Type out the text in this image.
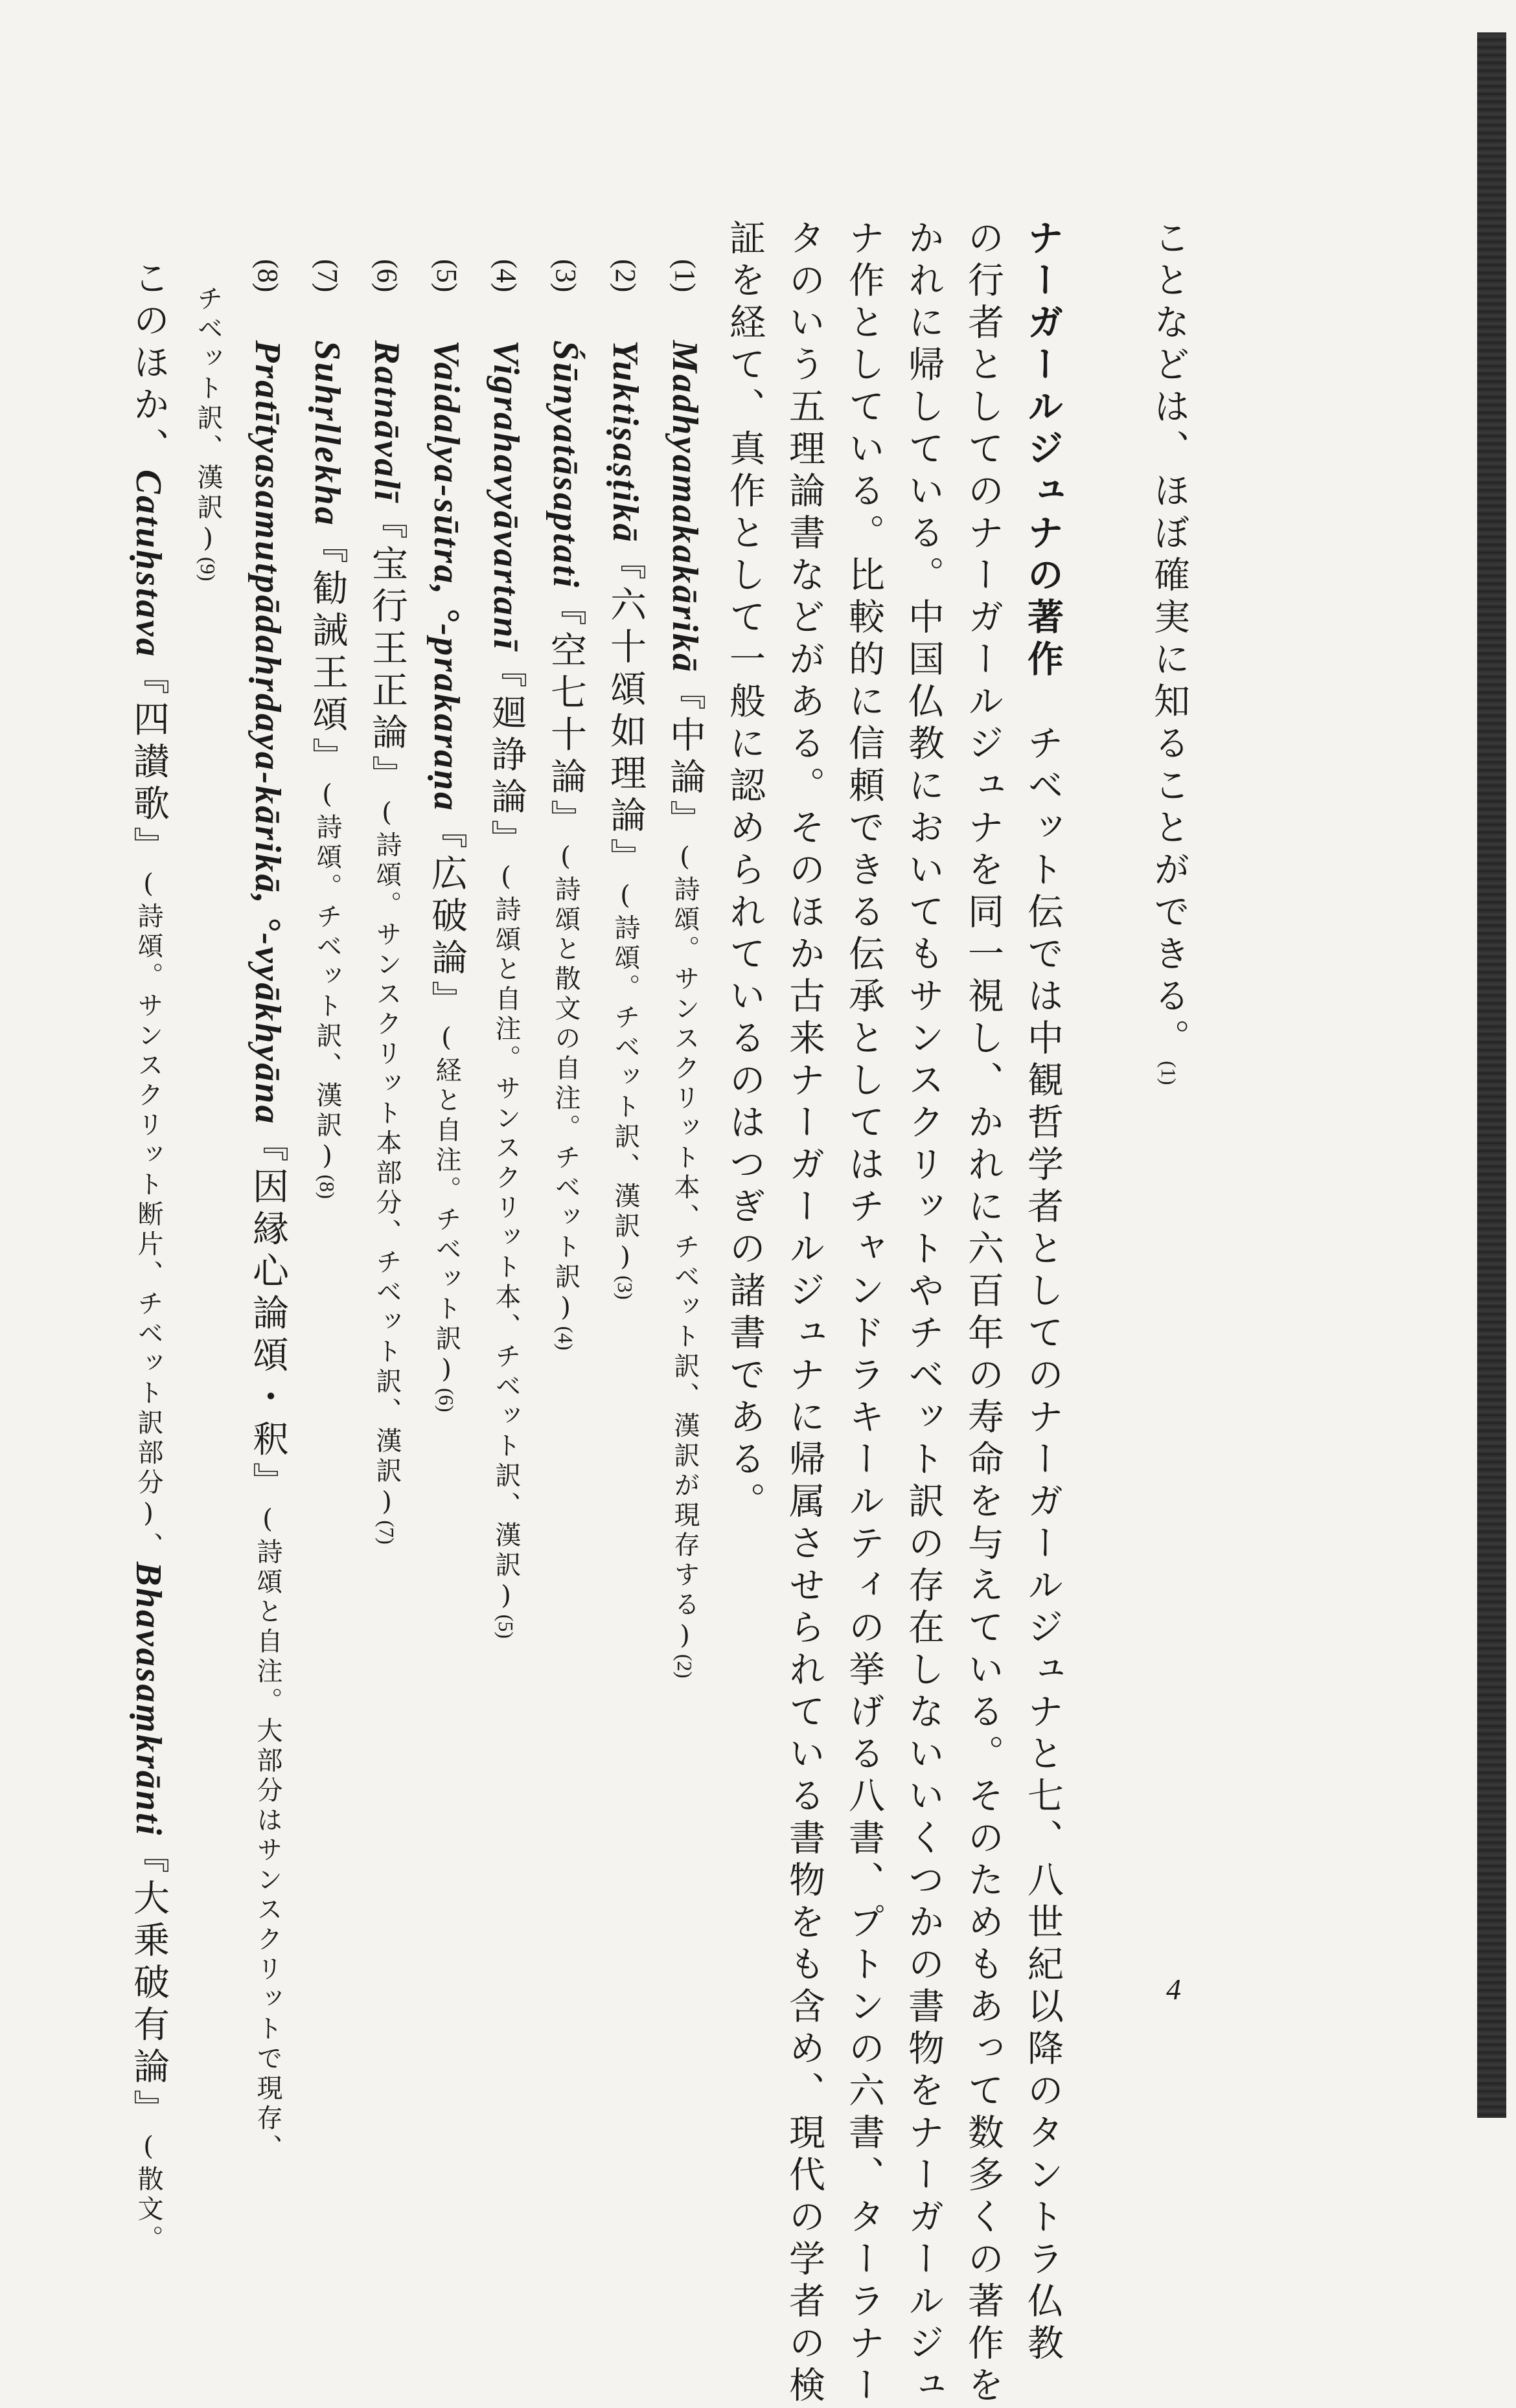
ことなどは、ほぼ確実に知ることができる。(1)
ナーガールジュナの著作　チベット伝では中観哲学者としてのナーガールジュナと七、八世紀以降のタントラ仏教
の行者としてのナーガールジュナを同一視し、かれに六百年の寿命を与えている。そのためもあって数多くの著作を
かれに帰している。中国仏教においてもサンスクリットやチベット訳の存在しないいくつかの書物をナーガールジュ
ナ作としている。比較的に信頼できる伝承としてはチャンドラキールティの挙げる八書、プトンの六書、ターラナー
タのいう五理論書などがある。そのほか古来ナーガールジュナに帰属させられている書物をも含め、現代の学者の検
証を経て、真作として一般に認められているのはつぎの諸書である。
(1) Madhyamakakārikā『中論』(詩頌。サンスクリット本、チベット訳、漢訳が現存する)(2)
(2) Yuktiṣaṣṭikā『六十頌如理論』(詩頌。チベット訳、漢訳)(3)
(3) Śūnyatāsaptati『空七十論』(詩頌と散文の自注。チベット訳)(4)
(4) Vigrahavyāvartanī『廻諍論』(詩頌と自注。サンスクリット本、チベット訳、漢訳)(5)
(5) Vaidalya-sūtra, °-prakaraṇa『広破論』(経と自注。チベット訳)(6)
(6) Ratnāvalī『宝行王正論』(詩頌。サンスクリット本部分、チベット訳、漢訳)(7)
(7) Suhṛllekha『勧誡王頌』(詩頌。チベット訳、漢訳)(8)
(8) Pratītyasamutpādahṛdaya-kārikā, °-vyākhyāna『因縁心論頌・釈』(詩頌と自注。大部分はサンスクリットで現存、
チベット訳、漢訳)(9)
このほか、Catuḥstava『四讃歌』(詩頌。サンスクリット断片、チベット訳部分)、Bhavasaṃkrānti『大乗破有論』(散文。
4
